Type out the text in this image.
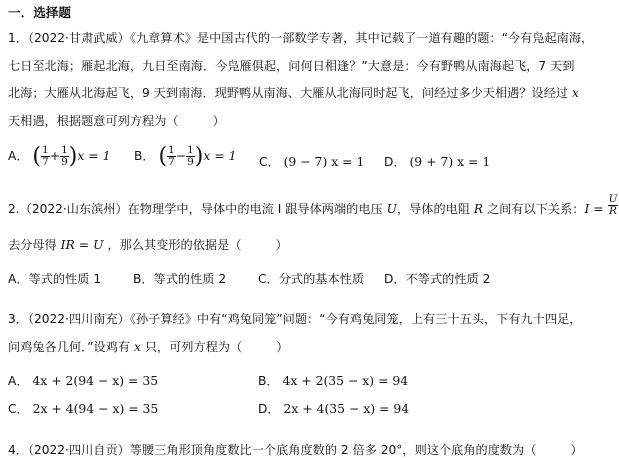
一．选择题
1．（2022·甘肃武威）《九章算术》是中国古代的一部数学专著，其中记载了一道有趣的题：“今有凫起南海，
七日至北海；雁起北海，九日至南海．今凫雁俱起，问何日相逢？”大意是：今有野鸭从南海起飞，7 天到
北海；大雁从北海起飞，9 天到南海．现野鸭从南海、大雁从北海同时起飞，问经过多少天相遇？设经过 x
天相遇，根据题意可列方程为（	）
A． ( $\frac{1}{7} + \frac{1}{9} )x = 1$ B． ( $\frac{1}{7} - \frac{1}{9} )x = 1$ C． (9 − 7) x = 1 D． (9 + 7) x = 1
2.（2022·山东滨州）在物理学中，导体中的电流 I 跟导体两端的电压 U，导体的电阻 R 之间有以下关系：$I = \frac{U}{R}$
去分母得 IR = U ，那么其变形的依据是（	）
A．等式的性质 1	B．等式的性质 2	C．分式的基本性质 D．不等式的性质 2
3．（2022·四川南充）《孙子算经》中有“鸡兔同笼”问题：“今有鸡兔同笼，上有三十五头，下有九十四足，
问鸡兔各几何．”设鸡有 x 只，可列方程为（	）
A． 4x + 2(94 − x) = 35	B． 4x + 2(35 − x) = 94
C． 2x + 4(94 − x) = 35	D． 2x + 4(35 − x) = 94
4．（2022·四川自贡）等腰三角形顶角度数比一个底角度数的 2 倍多 20°，则这个底角的度数为（	）
